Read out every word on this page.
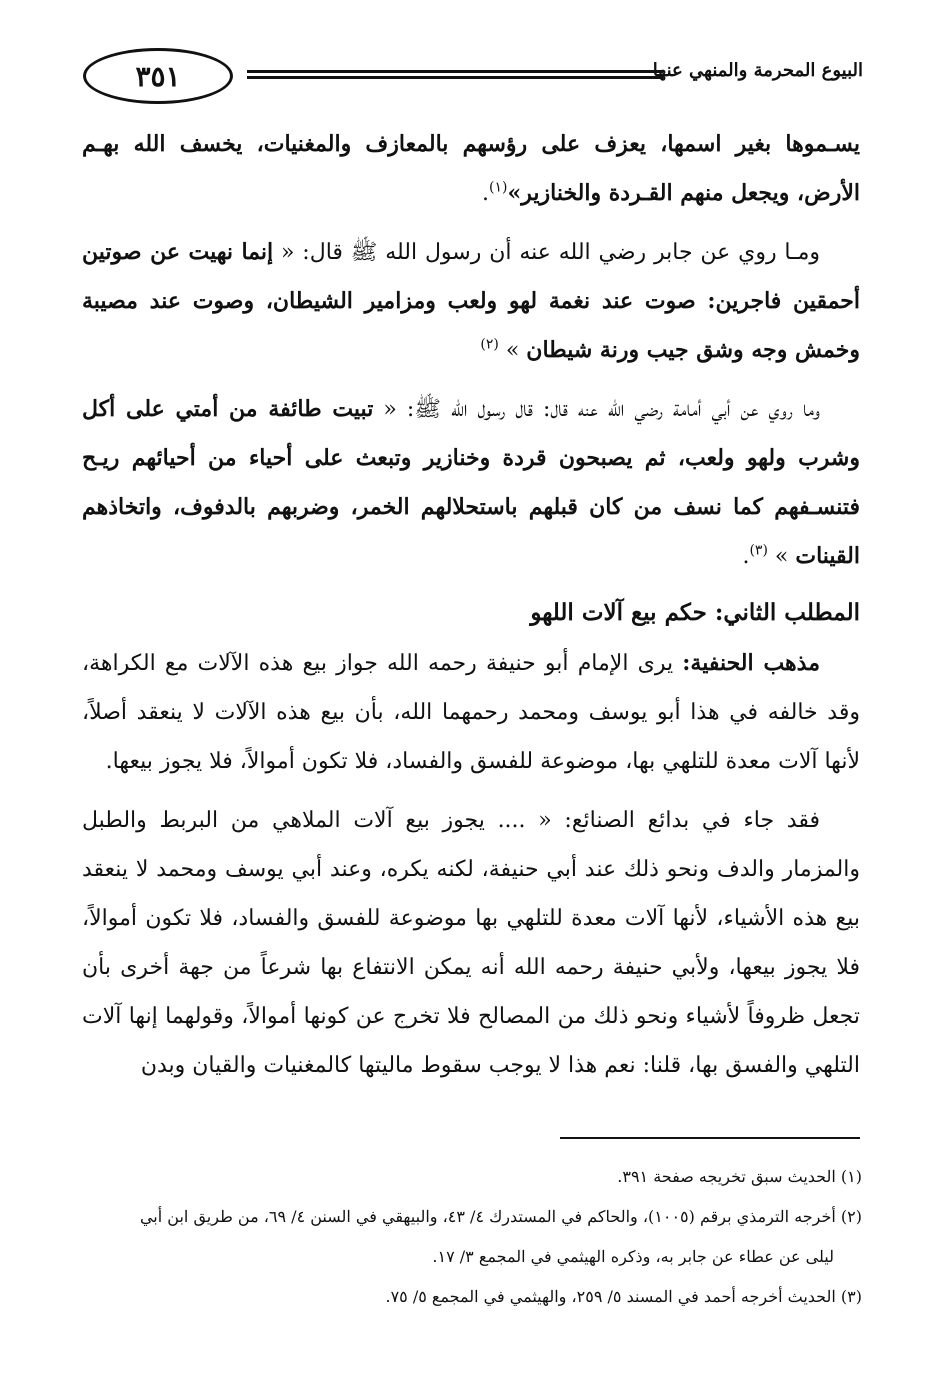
٣٥١	البيوع المحرمة والمنهي عنها

يسـموها بغير اسمها، يعزف على رؤسهم بالمعازف والمغنيات، يخسف الله بهـم الأرض، ويجعل منهم القـردة والخنازير»$^{(١)}$.

ومـا روي عن جابر رضي الله عنه أن رسول الله ﷺ قال: « إنما نهيت عن صوتين أحمقين فاجرين: صوت عند نغمة لهو ولعب ومزامير الشيطان، وصوت عند مصيبة وخمش وجه وشق جيب ورنة شيطان » $^{(٢)}$

وما روي عن أبي أمامة رضي الله عنه قال: قال رسول الله ﷺ: « تبيت طائفة من أمتي على أكل وشرب ولهو ولعب، ثم يصبحون قردة وخنازير وتبعث على أحياء من أحيائهم ريـح فتنسـفهم كما نسف من كان قبلهم باستحلالهم الخمر، وضربهم بالدفوف، واتخاذهم القينات » $^{(٣)}$.

المطلب الثاني: حكم بيع آلات اللهو

مذهب الحنفية: يرى الإمام أبو حنيفة رحمه الله جواز بيع هذه الآلات مع الكراهة، وقد خالفه في هذا أبو يوسف ومحمد رحمهما الله، بأن بيع هذه الآلات لا ينعقد أصلاً، لأنها آلات معدة للتلهي بها، موضوعة للفسق والفساد، فلا تكون أموالاً، فلا يجوز بيعها.

فقد جاء في بدائع الصنائع: « .... يجوز بيع آلات الملاهي من البربط والطبل والمزمار والدف ونحو ذلك عند أبي حنيفة، لكنه يكره، وعند أبي يوسف ومحمد لا ينعقد بيع هذه الأشياء، لأنها آلات معدة للتلهي بها موضوعة للفسق والفساد، فلا تكون أموالاً، فلا يجوز بيعها، ولأبي حنيفة رحمه الله أنه يمكن الانتفاع بها شرعاً من جهة أخرى بأن تجعل ظروفاً لأشياء ونحو ذلك من المصالح فلا تخرج عن كونها أموالاً، وقولهما إنها آلات التلهي والفسق بها، قلنا: نعم هذا لا يوجب سقوط ماليتها كالمغنيات والقيان وبدن

(١) الحديث سبق تخريجه صفحة ٣٩١.

(٢) أخرجه الترمذي برقم (١٠٠٥)، والحاكم في المستدرك ٤/ ٤٣، والبيهقي في السنن ٤/ ٦٩، من طريق ابن أبي

ليلى عن عطاء عن جابر به، وذكره الهيثمي في المجمع ٣/ ١٧.

(٣) الحديث أخرجه أحمد في المسند ٥/ ٢٥٩، والهيثمي في المجمع ٥/ ٧٥.
